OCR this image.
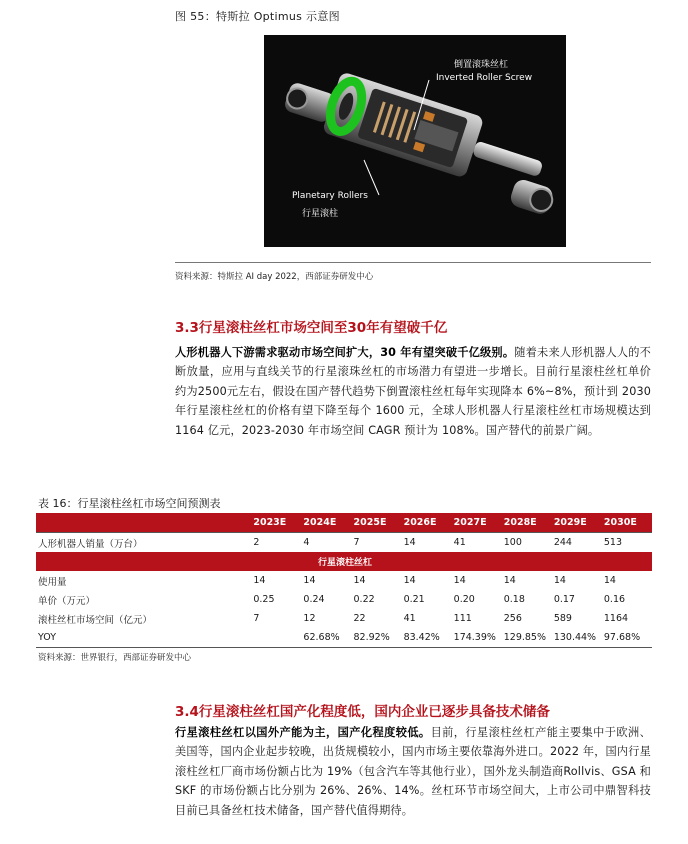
图 55：特斯拉 Optimus 示意图
倒置滚珠丝杠
Inverted Roller Screw
Planetary Rollers
行星滚柱
资料来源：特斯拉 AI day 2022，西部证券研发中心
3.3行星滚柱丝杠市场空间至30年有望破千亿
人形机器人下游需求驱动市场空间扩大，30 年有望突破千亿级别。随着未来人形机器人人的不断放量，应用与直线关节的行星滚珠丝杠的市场潜力有望进一步增长。目前行星滚柱丝杠单价约为2500元左右，假设在国产替代趋势下倒置滚柱丝杠每年实现降本 6%~8%，预计到 2030 年行星滚柱丝杠的价格有望下降至每个 1600 元，全球人形机器人行星滚柱丝杠市场规模达到 1164 亿元，2023-2030 年市场空间 CAGR 预计为 108%。国产替代的前景广阔。
表 16：行星滚柱丝杠市场空间预测表
	2023E	2024E	2025E	2026E	2027E	2028E	2029E	2030E
人形机器人销量（万台）	2	4	7	14	41	100	244	513
行星滚柱丝杠								
使用量	14	14	14	14	14	14	14	14
单价（万元）	0.25	0.24	0.22	0.21	0.20	0.18	0.17	0.16
滚柱丝杠市场空间（亿元）	7	12	22	41	111	256	589	1164
YOY		62.68%	82.92%	83.42%	174.39%	129.85%	130.44%	97.68%
资料来源：世界银行，西部证券研发中心
3.4行星滚柱丝杠国产化程度低，国内企业已逐步具备技术储备
行星滚柱丝杠以国外产能为主，国产化程度较低。目前，行星滚柱丝杠产能主要集中于欧洲、美国等，国内企业起步较晚，出货规模较小，国内市场主要依靠海外进口。2022 年，国内行星滚柱丝杠厂商市场份额占比为 19%（包含汽车等其他行业），国外龙头制造商Rollvis、GSA 和 SKF 的市场份额占比分别为 26%、26%、14%。丝杠环节市场空间大，上市公司中鼎智科技目前已具备丝杠技术储备，国产替代值得期待。
